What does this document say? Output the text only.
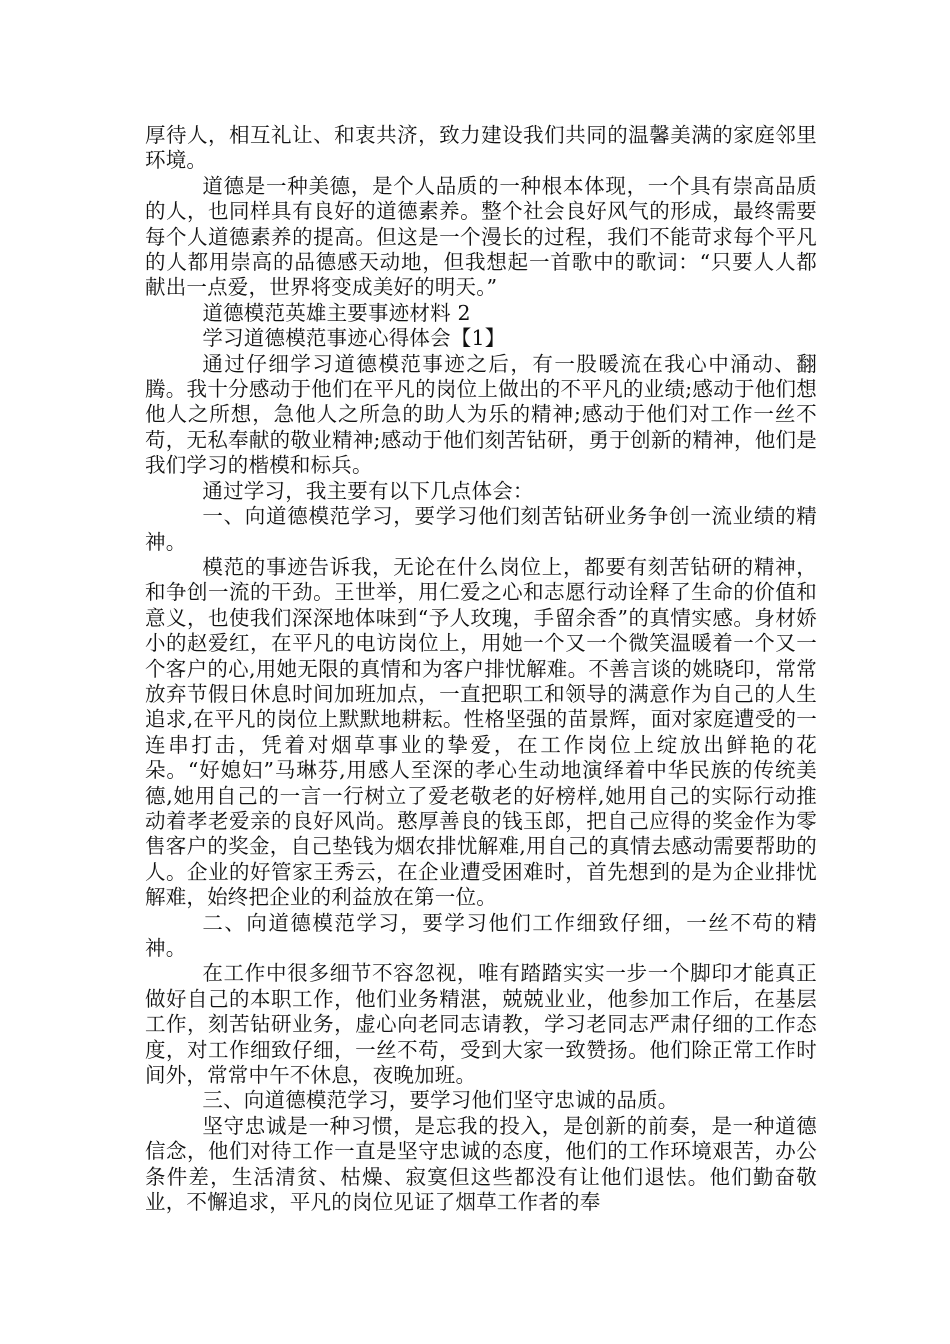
厚待人，相互礼让、和衷共济，致力建设我们共同的温馨美满的家庭邻里环境。

道德是一种美德，是个人品质的一种根本体现，一个具有崇高品质的人，也同样具有良好的道德素养。整个社会良好风气的形成，最终需要每个人道德素养的提高。但这是一个漫长的过程，我们不能苛求每个平凡的人都用崇高的品德感天动地，但我想起一首歌中的歌词：“只要人人都献出一点爱，世界将变成美好的明天。”

道德模范英雄主要事迹材料 2

学习道德模范事迹心得体会【1】

通过仔细学习道德模范事迹之后，有一股暖流在我心中涌动、翻腾。我十分感动于他们在平凡的岗位上做出的不平凡的业绩;感动于他们想他人之所想，急他人之所急的助人为乐的精神;感动于他们对工作一丝不苟，无私奉献的敬业精神;感动于他们刻苦钻研，勇于创新的精神，他们是我们学习的楷模和标兵。

通过学习，我主要有以下几点体会：

一、向道德模范学习，要学习他们刻苦钻研业务争创一流业绩的精神。

模范的事迹告诉我，无论在什么岗位上，都要有刻苦钻研的精神，和争创一流的干劲。王世举，用仁爱之心和志愿行动诠释了生命的价值和意义，也使我们深深地体味到“予人玫瑰，手留余香”的真情实感。身材娇小的赵爱红，在平凡的电访岗位上，用她一个又一个微笑温暖着一个又一个客户的心,用她无限的真情和为客户排忧解难。不善言谈的姚晓印，常常放弃节假日休息时间加班加点，一直把职工和领导的满意作为自己的人生追求,在平凡的岗位上默默地耕耘。性格坚强的苗景辉，面对家庭遭受的一连串打击，凭着对烟草事业的挚爱，在工作岗位上绽放出鲜艳的花朵。“好媳妇”马琳芬,用感人至深的孝心生动地演绎着中华民族的传统美德,她用自己的一言一行树立了爱老敬老的好榜样,她用自己的实际行动推动着孝老爱亲的良好风尚。憨厚善良的钱玉郎，把自己应得的奖金作为零售客户的奖金，自己垫钱为烟农排忧解难,用自己的真情去感动需要帮助的人。企业的好管家王秀云，在企业遭受困难时，首先想到的是为企业排忧解难，始终把企业的利益放在第一位。

二、向道德模范学习，要学习他们工作细致仔细，一丝不苟的精神。

在工作中很多细节不容忽视，唯有踏踏实实一步一个脚印才能真正做好自己的本职工作，他们业务精湛，兢兢业业，他参加工作后，在基层工作，刻苦钻研业务，虚心向老同志请教，学习老同志严肃仔细的工作态度，对工作细致仔细，一丝不苟，受到大家一致赞扬。他们除正常工作时间外，常常中午不休息，夜晚加班。

三、向道德模范学习，要学习他们坚守忠诚的品质。

坚守忠诚是一种习惯，是忘我的投入，是创新的前奏，是一种道德信念，他们对待工作一直是坚守忠诚的态度，他们的工作环境艰苦，办公条件差，生活清贫、枯燥、寂寞但这些都没有让他们退怯。他们勤奋敬业，不懈追求，平凡的岗位见证了烟草工作者的奉
